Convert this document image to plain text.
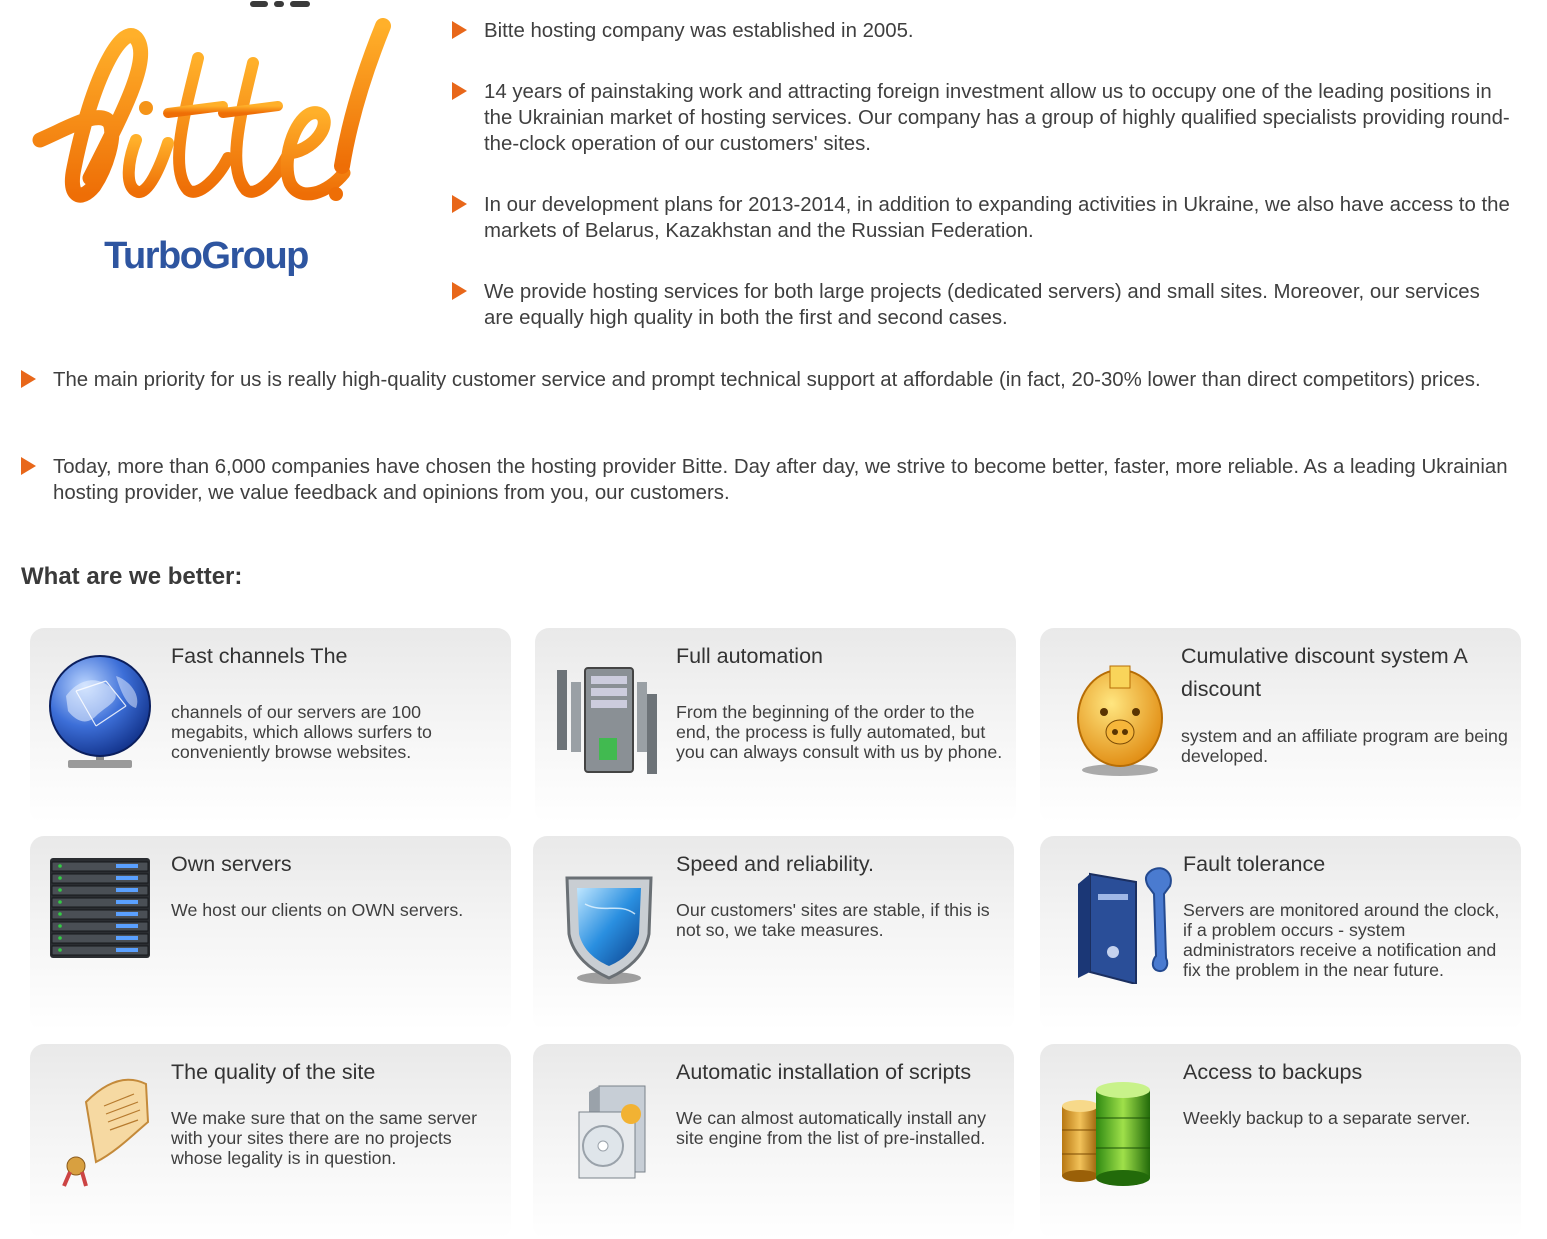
TurboGroup

Bitte hosting company was established in 2005.

14 years of painstaking work and attracting foreign investment allow us to occupy one of the leading positions in the Ukrainian market of hosting services. Our company has a group of highly qualified specialists providing round-the-clock operation of our customers' sites.

In our development plans for 2013-2014, in addition to expanding activities in Ukraine, we also have access to the markets of Belarus, Kazakhstan and the Russian Federation.

We provide hosting services for both large projects (dedicated servers) and small sites. Moreover, our services are equally high quality in both the first and second cases.

The main priority for us is really high-quality customer service and prompt technical support at affordable (in fact, 20-30% lower than direct competitors) prices.

Today, more than 6,000 companies have chosen the hosting provider Bitte. Day after day, we strive to become better, faster, more reliable. As a leading Ukrainian hosting provider, we value feedback and opinions from you, our customers.

What are we better:
Fast channels The

channels of our servers are 100 megabits, which allows surfers to conveniently browse websites.

Full automation

From the beginning of the order to the end, the process is fully automated, but you can always consult with us by phone.

Cumulative discount system A discount

system and an affiliate program are being developed.

Own servers

We host our clients on OWN servers.

Speed and reliability.

Our customers' sites are stable, if this is not so, we take measures.

Fault tolerance

Servers are monitored around the clock, if a problem occurs - system administrators receive a notification and fix the problem in the near future.

The quality of the site

We make sure that on the same server with your sites there are no projects whose legality is in question.

Automatic installation of scripts

We can almost automatically install any site engine from the list of pre-installed.

Access to backups

Weekly backup to a separate server.
